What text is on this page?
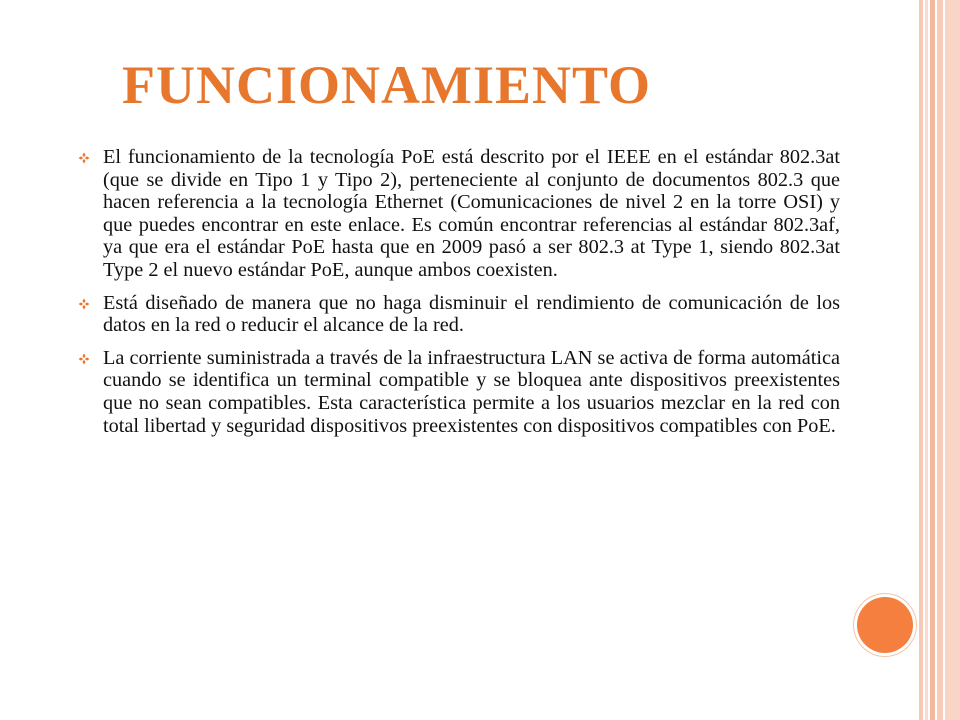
FUNCIONAMIENTO
El funcionamiento de la tecnología PoE está descrito por el IEEE en el estándar 802.3at (que se divide en Tipo 1 y Tipo 2), perteneciente al conjunto de documentos 802.3 que hacen referencia a la tecnología Ethernet (Comunicaciones de nivel 2 en la torre OSI) y que puedes encontrar en este enlace. Es común encontrar referencias al estándar 802.3af, ya que era el estándar PoE hasta que en 2009 pasó a ser 802.3 at Type 1, siendo 802.3at Type 2 el nuevo estándar PoE, aunque ambos coexisten.
Está diseñado de manera que no haga disminuir el rendimiento de comunicación de los datos en la red o reducir el alcance de la red.
La corriente suministrada a través de la infraestructura LAN se activa de forma automática cuando se identifica un terminal compatible y se bloquea ante dispositivos preexistentes que no sean compatibles. Esta característica permite a los usuarios mezclar en la red con total libertad y seguridad dispositivos preexistentes con dispositivos compatibles con PoE.
